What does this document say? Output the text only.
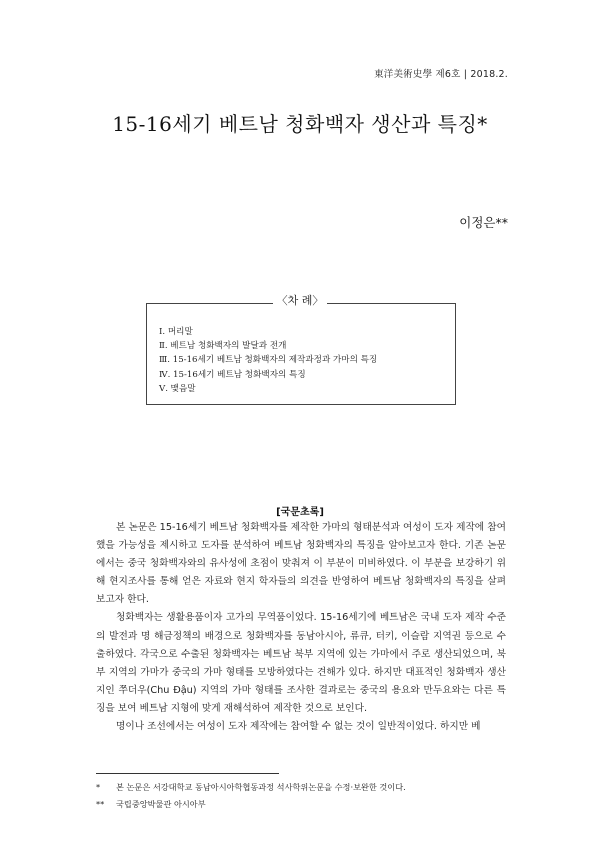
東洋美術史學 제6호 | 2018.2.
15-16세기 베트남 청화백자 생산과 특징*
이정은**
〈차 례〉
Ⅰ. 머리말
Ⅱ. 베트남 청화백자의 발달과 전개
Ⅲ. 15-16세기 베트남 청화백자의 제작과정과 가마의 특징
Ⅳ. 15-16세기 베트남 청화백자의 특징
Ⅴ. 맺음말
[국문초록]

본 논문은 15-16세기 베트남 청화백자를 제작한 가마의 형태분석과 여성이 도자 제작에 참여했을 가능성을 제시하고 도자를 분석하여 베트남 청화백자의 특징을 알아보고자 한다. 기존 논문에서는 중국 청화백자와의 유사성에 초점이 맞춰져 이 부분이 미비하였다. 이 부분을 보강하기 위해 현지조사를 통해 얻은 자료와 현지 학자들의 의견을 반영하여 베트남 청화백자의 특징을 살펴보고자 한다.

청화백자는 생활용품이자 고가의 무역품이었다. 15-16세기에 베트남은 국내 도자 제작 수준의 발전과 명 해금정책의 배경으로 청화백자를 동남아시아, 류큐, 터키, 이슬람 지역권 등으로 수출하였다. 각국으로 수출된 청화백자는 베트남 북부 지역에 있는 가마에서 주로 생산되었으며, 북부 지역의 가마가 중국의 가마 형태를 모방하였다는 견해가 있다. 하지만 대표적인 청화백자 생산지인 쭈더우(Chu Đậu) 지역의 가마 형태를 조사한 결과로는 중국의 용요와 만두요와는 다른 특징을 보여 베트남 지형에 맞게 재해석하여 제작한 것으로 보인다.

명이나 조선에서는 여성이 도자 제작에는 참여할 수 없는 것이 일반적이었다. 하지만 베

* 본 논문은 서강대학교 동남아시아학협동과정 석사학위논문을 수정·보완한 것이다.
** 국립중앙박물관 아시아부
